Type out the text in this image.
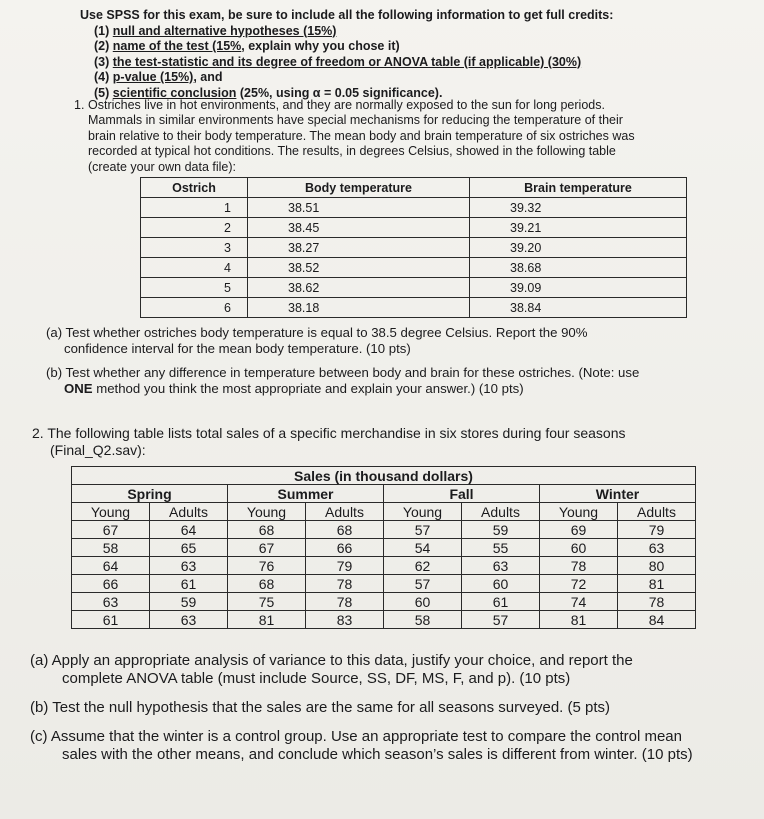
Use SPSS for this exam, be sure to include all the following information to get full credits:
(1) null and alternative hypotheses (15%)
(2) name of the test (15%, explain why you chose it)
(3) the test-statistic and its degree of freedom or ANOVA table (if applicable) (30%)
(4) p-value (15%), and
(5) scientific conclusion (25%, using α = 0.05 significance).
1. Ostriches live in hot environments, and they are normally exposed to the sun for long periods.
Mammals in similar environments have special mechanisms for reducing the temperature of their
brain relative to their body temperature. The mean body and brain temperature of six ostriches was
recorded at typical hot conditions. The results, in degrees Celsius, showed in the following table
(create your own data file):
Ostrich	Body temperature	Brain temperature
1	38.51	39.32
2	38.45	39.21
3	38.27	39.20
4	38.52	38.68
5	38.62	39.09
6	38.18	38.84
(a) Test whether ostriches body temperature is equal to 38.5 degree Celsius. Report the 90%
confidence interval for the mean body temperature. (10 pts)
(b) Test whether any difference in temperature between body and brain for these ostriches. (Note: use
ONE method you think the most appropriate and explain your answer.) (10 pts)
2. The following table lists total sales of a specific merchandise in six stores during four seasons
(Final_Q2.sav):
Sales (in thousand dollars)							
Spring		Summer		Fall		Winter	
Young	Adults	Young	Adults	Young	Adults	Young	Adults
67	64	68	68	57	59	69	79
58	65	67	66	54	55	60	63
64	63	76	79	62	63	78	80
66	61	68	78	57	60	72	81
63	59	75	78	60	61	74	78
61	63	81	83	58	57	81	84
(a) Apply an appropriate analysis of variance to this data, justify your choice, and report the
complete ANOVA table (must include Source, SS, DF, MS, F, and p). (10 pts)
(b) Test the null hypothesis that the sales are the same for all seasons surveyed. (5 pts)
(c) Assume that the winter is a control group. Use an appropriate test to compare the control mean
sales with the other means, and conclude which season’s sales is different from winter. (10 pts)
